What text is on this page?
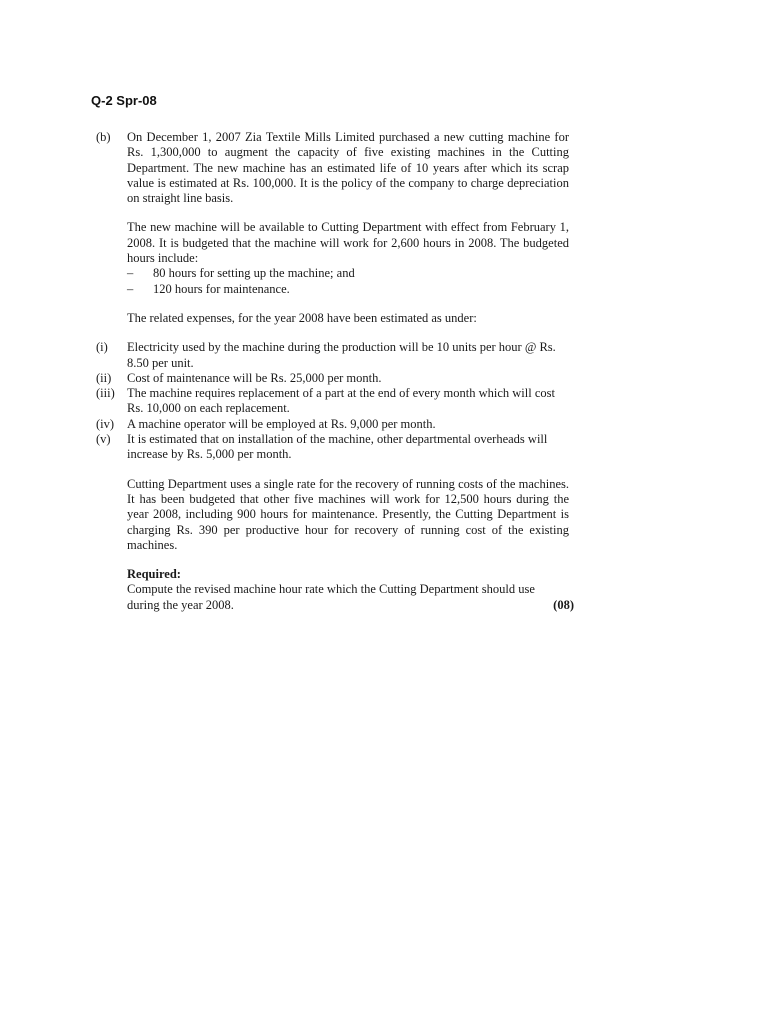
Q-2 Spr-08
(b) On December 1, 2007 Zia Textile Mills Limited purchased a new cutting machine for Rs. 1,300,000 to augment the capacity of five existing machines in the Cutting Department. The new machine has an estimated life of 10 years after which its scrap value is estimated at Rs. 100,000. It is the policy of the company to charge depreciation on straight line basis.

The new machine will be available to Cutting Department with effect from February 1, 2008. It is budgeted that the machine will work for 2,600 hours in 2008. The budgeted hours include:

– 80 hours for setting up the machine; and
– 120 hours for maintenance.

The related expenses, for the year 2008 have been estimated as under:

(i) Electricity used by the machine during the production will be 10 units per hour @ Rs. 8.50 per unit.
(ii) Cost of maintenance will be Rs. 25,000 per month.
(iii) The machine requires replacement of a part at the end of every month which will cost Rs. 10,000 on each replacement.
(iv) A machine operator will be employed at Rs. 9,000 per month.
(v) It is estimated that on installation of the machine, other departmental overheads will increase by Rs. 5,000 per month.

Cutting Department uses a single rate for the recovery of running costs of the machines. It has been budgeted that other five machines will work for 12,500 hours during the year 2008, including 900 hours for maintenance. Presently, the Cutting Department is charging Rs. 390 per productive hour for recovery of running cost of the existing machines.

Required:

Compute the revised machine hour rate which the Cutting Department should use during the year 2008.	(08)
